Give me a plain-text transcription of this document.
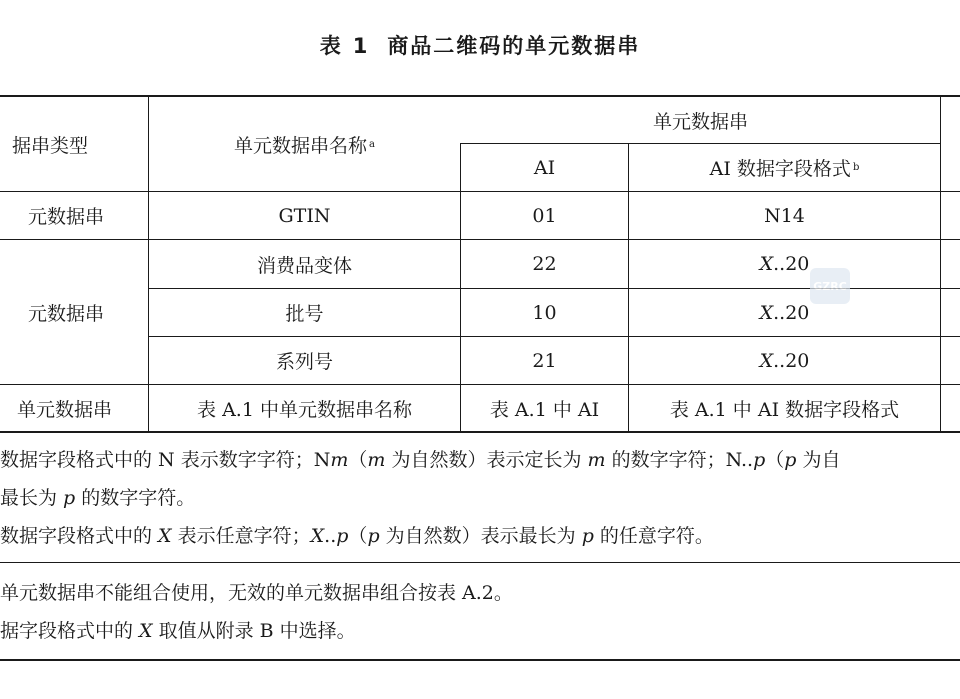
表 1 商品二维码的单元数据串
据串类型	单元数据串名称 a
单元数据串
AI	AI 数据字段格式 b
元数据串	GTIN	01	N14
元数据串
消费品变体	22	X ..20
批号	10	X ..20
系列号	21	X ..20
单元数据串	表 A.1 中单元数据串名称	表 A.1 中 AI	表 A.1 中 AI 数据字段格式
GZRC
数据字段格式中的 N 表示数字字符；Nm（m 为自然数）表示定长为 m 的数字字符；N..p（p 为自
最长为 p 的数字字符。
数据字段格式中的 X 表示任意字符；X..p（p 为自然数）表示最长为 p 的任意字符。
单元数据串不能组合使用，无效的单元数据串组合按表 A.2。
据字段格式中的 X 取值从附录 B 中选择。
